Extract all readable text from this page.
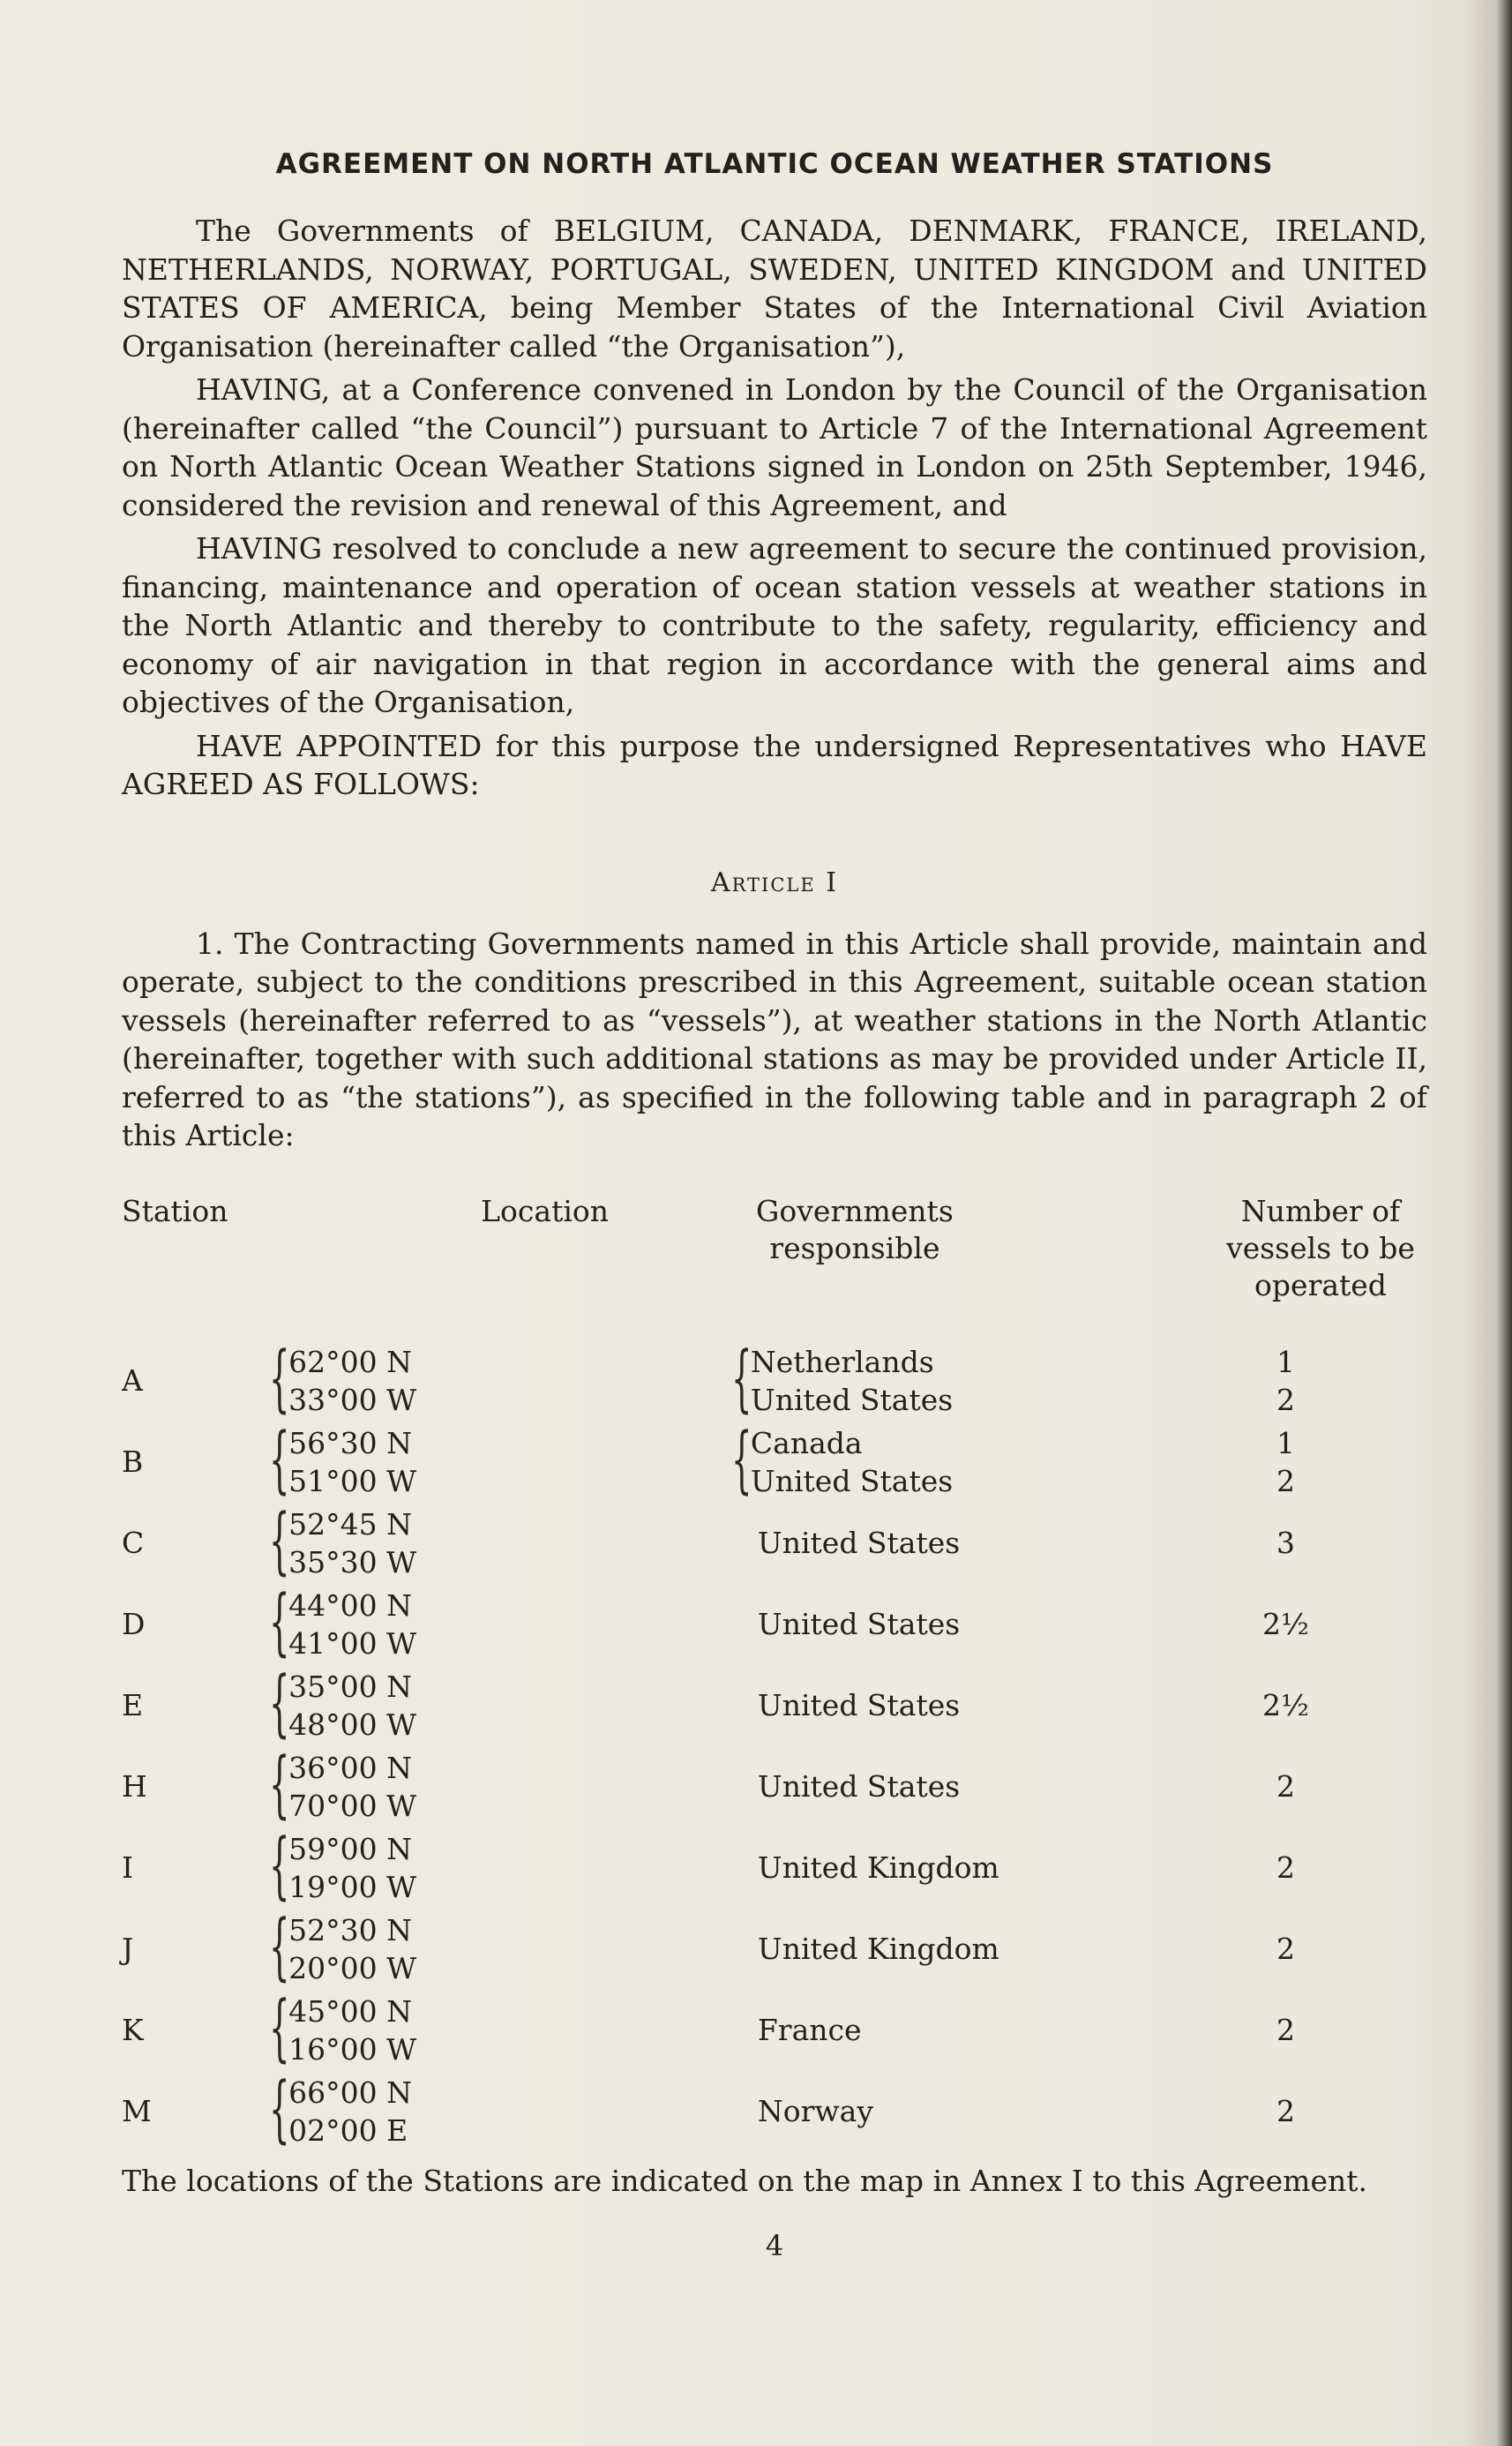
AGREEMENT ON NORTH ATLANTIC OCEAN WEATHER STATIONS

The Governments of BELGIUM, CANADA, DENMARK, FRANCE, IRELAND, NETHERLANDS, NORWAY, PORTUGAL, SWEDEN, UNITED KINGDOM and UNITED STATES OF AMERICA, being Member States of the International Civil Aviation Organisation (hereinafter called “the Organisation”),

HAVING, at a Conference convened in London by the Council of the Organisation (hereinafter called “the Council”) pursuant to Article 7 of the International Agreement on North Atlantic Ocean Weather Stations signed in London on 25th September, 1946, considered the revision and renewal of this Agreement, and

HAVING resolved to conclude a new agreement to secure the continued provision, financing, maintenance and operation of ocean station vessels at weather stations in the North Atlantic and thereby to contribute to the safety, regularity, efficiency and economy of air navigation in that region in accordance with the general aims and objectives of the Organisation,

HAVE APPOINTED for this purpose the undersigned Representatives who HAVE AGREED AS FOLLOWS:

Article I

1. The Contracting Governments named in this Article shall provide, maintain and operate, subject to the conditions prescribed in this Agreement, suitable ocean station vessels (hereinafter referred to as “vessels”), at weather stations in the North Atlantic (hereinafter, together with such additional stations as may be provided under Article II, referred to as “the stations”), as specified in the following table and in paragraph 2 of this Article:

Station	Location	Governments responsible	Number of vessels to be operated

A	{
62°00 N
33°00 W	{
Netherlands
United States	1
2

B	{
56°30 N
51°00 W	{
Canada
United States	1
2

C	{
52°45 N
35°30 W	United States	3

D	{
44°00 N
41°00 W	United States	2½

E	{
35°00 N
48°00 W	United States	2½

H	{
36°00 N
70°00 W	United States	2

I	{
59°00 N
19°00 W	United Kingdom	2

J	{
52°30 N
20°00 W	United Kingdom	2

K	{
45°00 N
16°00 W	France	2

M	{
66°00 N
02°00 E	Norway	2

The locations of the Stations are indicated on the map in Annex I to this Agreement.

4
